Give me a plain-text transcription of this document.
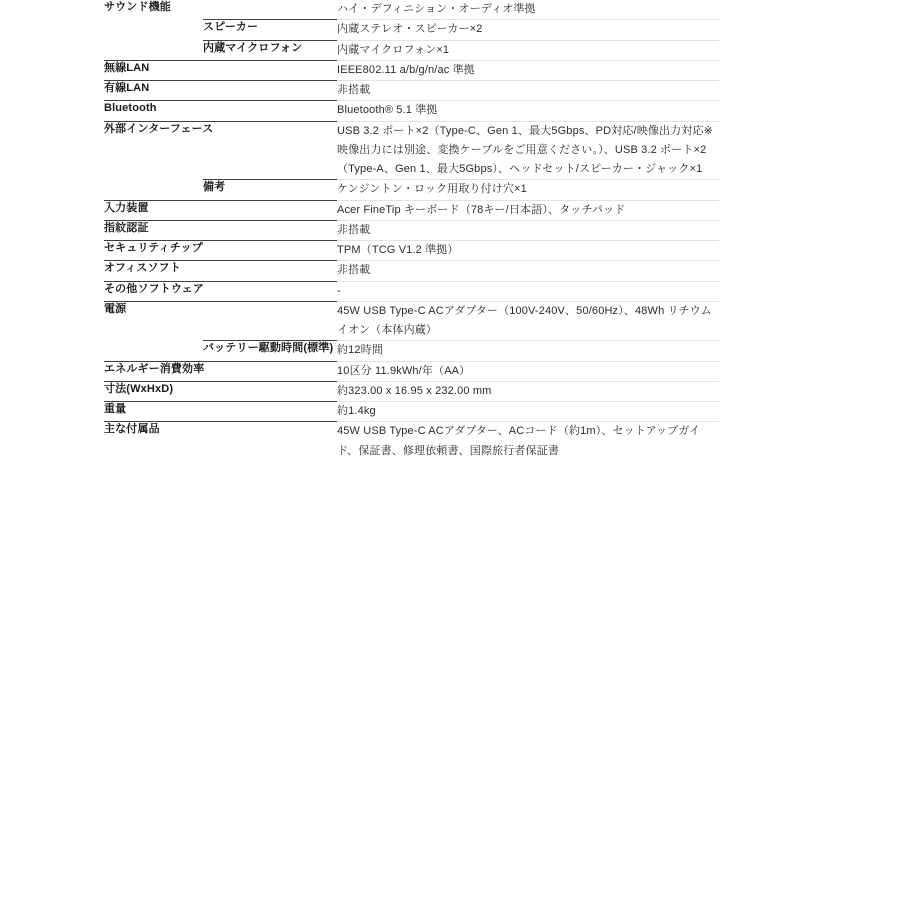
サウンド機能		ハイ・デフィニション・オーディオ準拠
	スピーカー	内蔵ステレオ・スピーカー×2
	内蔵マイクロフォン	内蔵マイクロフォン×1
無線LAN		IEEE802.11 a/b/g/n/ac 準拠
有線LAN		非搭載
Bluetooth		Bluetooth® 5.1 準拠
外部インターフェース		USB 3.2 ポート×2（Type-C、Gen 1、最大5Gbps、PD対応/映像出力対応※映像出力には別途、変換ケーブルをご用意ください。）、USB 3.2 ポート×2（Type-A、Gen 1、最大5Gbps）、ヘッドセット/スピーカー・ジャック×1
	備考	ケンジントン・ロック用取り付け穴×1
入力装置		Acer FineTip キーボード（78キー/日本語）、タッチパッド
指紋認証		非搭載
セキュリティチップ		TPM（TCG V1.2 準拠）
オフィスソフト		非搭載
その他ソフトウェア		-
電源		45W USB Type-C ACアダプター（100V-240V、50/60Hz）、48Wh リチウムイオン（本体内蔵）
	バッテリー駆動時間(標準)	約12時間
エネルギー消費効率		10区分 11.9kWh/年（AA）
寸法(WxHxD)		約323.00 x 16.95 x 232.00 mm
重量		約1.4kg
主な付属品		45W USB Type-C ACアダプター、ACコード（約1m）、セットアップガイド、保証書、修理依頼書、国際旅行者保証書
